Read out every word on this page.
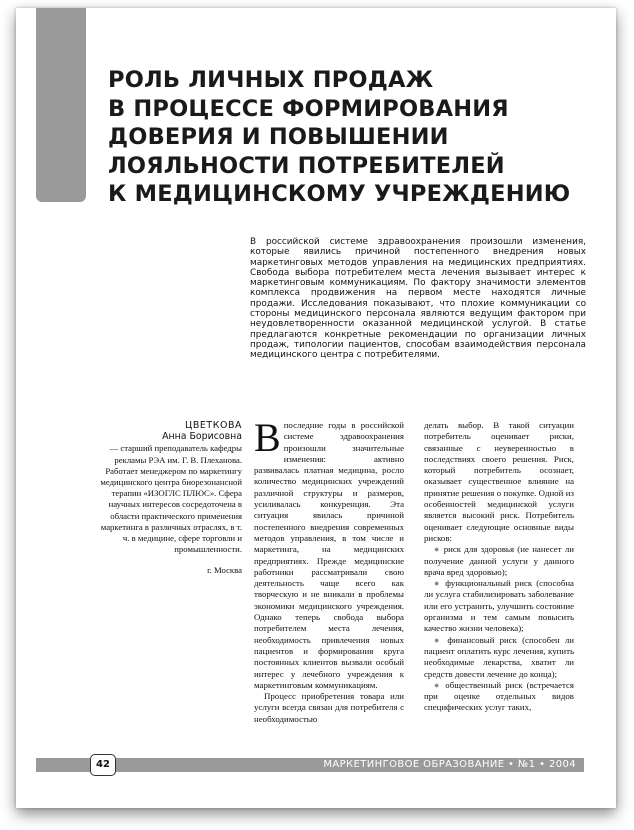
РОЛЬ ЛИЧНЫХ ПРОДАЖ
В ПРОЦЕССЕ ФОРМИРОВАНИЯ
ДОВЕРИЯ И ПОВЫШЕНИИ
ЛОЯЛЬНОСТИ ПОТРЕБИТЕЛЕЙ
К МЕДИЦИНСКОМУ УЧРЕЖДЕНИЮ

В российской системе здравоохранения произошли изменения, которые явились причиной постепенного внедрения новых маркетинговых методов управления на медицинских предприятиях. Свобода выбора потребителем места лечения вызывает интерес к маркетинговым коммуникациям. По фактору значимости элементов комплекса продвижения на первом месте находятся личные продажи. Исследования показывают, что плохие коммуникации со стороны медицинского персонала являются ведущим фактором при неудовлетворенности оказанной медицинской услугой. В статье предлагаются конкретные рекомендации по организации личных продаж, типологии пациентов, способам взаимодействия персонала медицинского центра с потребителями.

ЦВЕТКОВА
Анна Борисовна
— старший преподаватель кафедры рекламы РЭА им. Г. В. Плеханова. Работает менеджером по маркетингу медицинского центра биорезонансной терапии «ИЗОГЛС ПЛЮС». Сфера научных интересов сосредоточена в области практического применения маркетинга в различных отраслях, в т. ч. в медицине, сфере торговли и промышленности.
г. Москва

Впоследние годы в российской системе здравоохранения произошли значительные изменения: активно развивалась платная медицина, росло количество медицинских учреждений различной структуры и размеров, усиливалась конкуренция. Эта ситуация явилась причиной постепенного внедрения современных методов управления, в том числе и маркетинга, на медицинских предприятиях. Прежде медицинские работники рассматривали свою деятельность чаще всего как творческую и не вникали в проблемы экономики медицинского учреждения. Однако теперь свобода выбора потребителем места лечения, необходимость привлечения новых пациентов и формирования круга постоянных клиентов вызвали особый интерес у лечебного учреждения к маркетинговым коммуникациям.

Процесс приобретения товара или услуги всегда связан для потребителя с необходимостью

делать выбор. В такой ситуации потребитель оценивает риски, связанные с неуверенностью в последствиях своего решения. Риск, который потребитель осознает, оказывает существенное влияние на принятие решения о покупке. Одной из особенностей медицинской услуги является высокий риск. Потребитель оценивает следующие основные виды рисков:

● риск для здоровья (не нанесет ли получение данной услуги у данного врача вред здоровью);

● функциональный риск (способна ли услуга стабилизировать заболевание или его устранить, улучшить состояние организма и тем самым повысить качество жизни человека);

● финансовый риск (способен ли пациент оплатить курс лечения, купить необходимые лекарства, хватит ли средств довести лечение до конца);

● общественный риск (встречается при оценке отдельных видов специфических услуг таких,

42	МАРКЕТИНГОВОЕ ОБРАЗОВАНИЕ • №1 • 2004
